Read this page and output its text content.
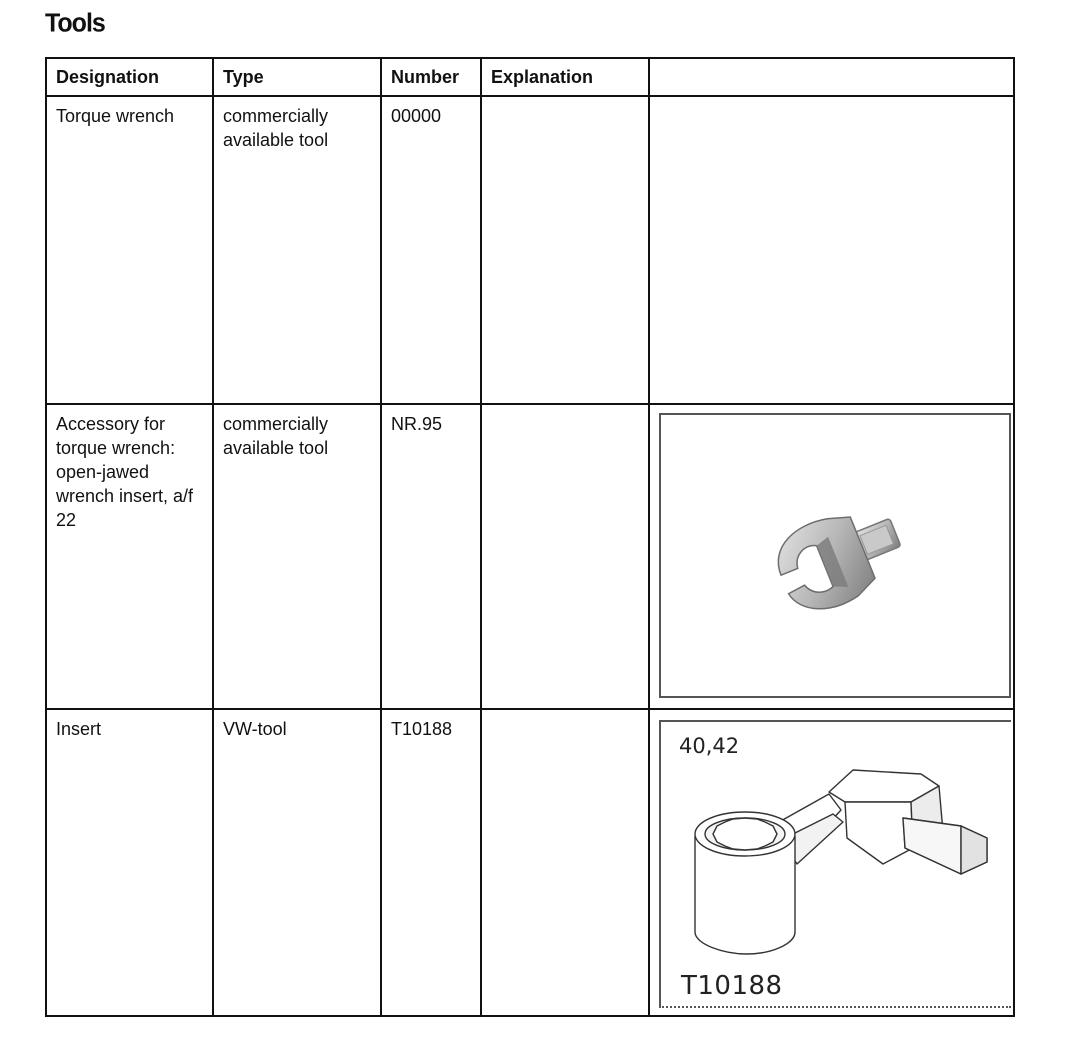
Tools
Designation	Type	Number	Explanation	
Torque wrench	commercially available tool	00000		
Accessory for torque wrench: open-jawed wrench insert, a/f 22	commercially available tool	NR.95		

Insert	VW-tool	T10188		40,42
T10188
